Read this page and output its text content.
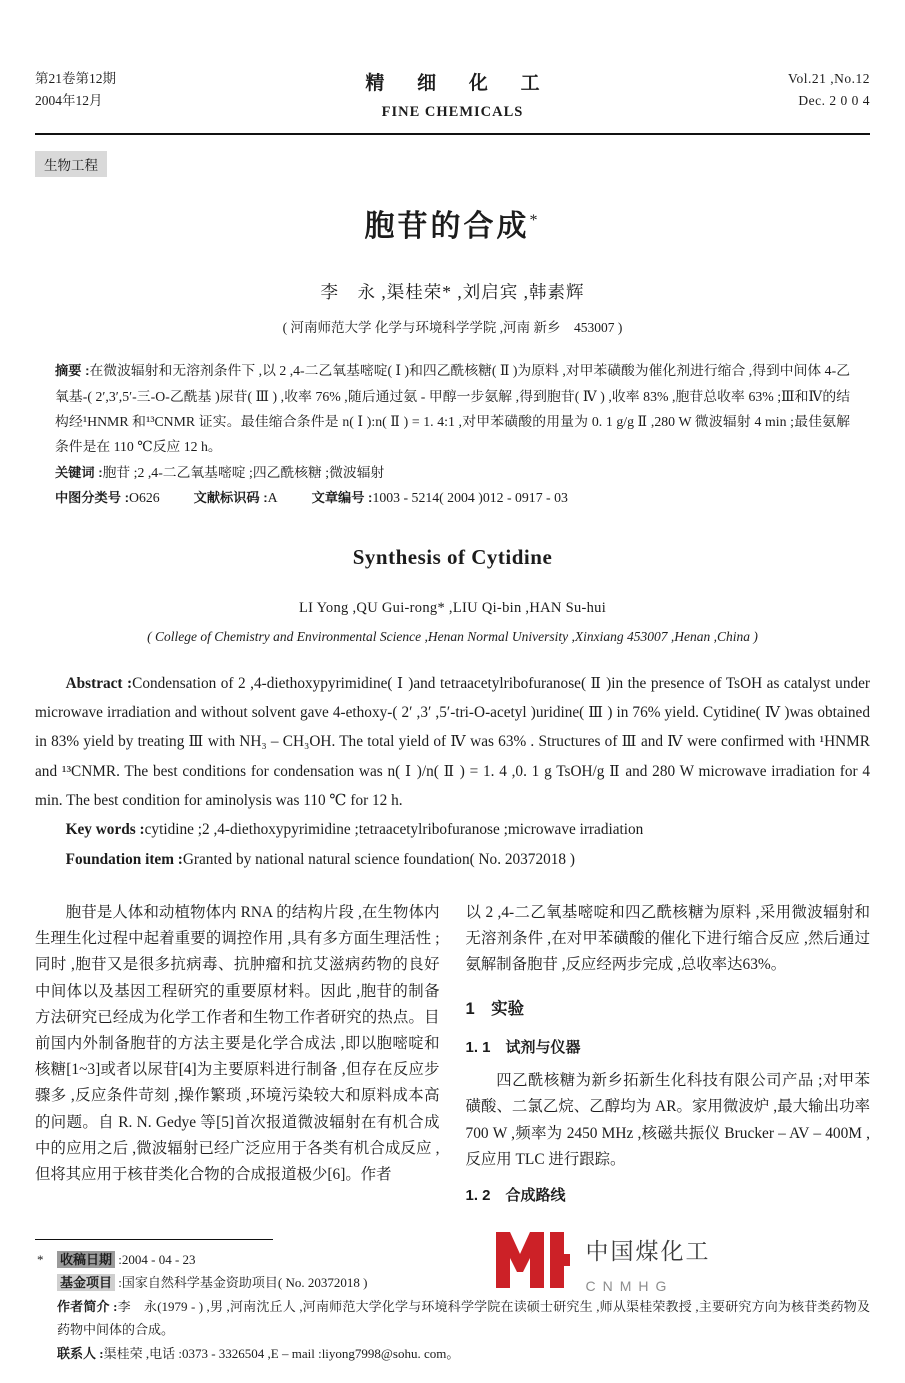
第21卷第12期
2004年12月
精 细 化 工
FINE CHEMICALS
Vol.21 ,No.12
Dec. 2 0 0 4
生物工程
胞苷的合成*
李　永 ,渠桂荣* ,刘启宾 ,韩素辉
( 河南师范大学 化学与环境科学学院 ,河南 新乡　453007 )

摘要 :在微波辐射和无溶剂条件下 ,以 2 ,4-二乙氧基嘧啶( Ⅰ )和四乙酰核糖( Ⅱ )为原料 ,对甲苯磺酸为催化剂进行缩合 ,得到中间体 4-乙氧基-( 2′,3′,5′-三-O-乙酰基 )尿苷( Ⅲ ) ,收率 76% ,随后通过氨 - 甲醇一步氨解 ,得到胞苷( Ⅳ ) ,收率 83% ,胞苷总收率 63% ;Ⅲ和Ⅳ的结构经¹HNMR 和¹³CNMR 证实。最佳缩合条件是 n( Ⅰ ):n( Ⅱ ) = 1. 4:1 ,对甲苯磺酸的用量为 0. 1 g/g Ⅱ ,280 W 微波辐射 4 min ;最佳氨解条件是在 110 ℃反应 12 h。

关键词 :胞苷 ;2 ,4-二乙氧基嘧啶 ;四乙酰核糖 ;微波辐射

中图分类号 :O626	文献标识码 :A	文章编号 :1003 - 5214( 2004 )012 - 0917 - 03

Synthesis of Cytidine
LI Yong ,QU Gui-rong* ,LIU Qi-bin ,HAN Su-hui
( College of Chemistry and Environmental Science ,Henan Normal University ,Xinxiang 453007 ,Henan ,China )

Abstract :Condensation of 2 ,4-diethoxypyrimidine( Ⅰ )and tetraacetylribofuranose( Ⅱ )in the presence of TsOH as catalyst under microwave irradiation and without solvent gave 4-ethoxy-( 2′ ,3′ ,5′-tri-O-acetyl )uridine( Ⅲ ) in 76% yield. Cytidine( Ⅳ )was obtained in 83% yield by treating Ⅲ with NH₃ – CH₃OH. The total yield of Ⅳ was 63% . Structures of Ⅲ and Ⅳ were confirmed with ¹HNMR and ¹³CNMR. The best conditions for condensation was n( Ⅰ )/n( Ⅱ ) = 1. 4 ,0. 1 g TsOH/g Ⅱ and 280 W microwave irradiation for 4 min. The best condition for aminolysis was 110 ℃ for 12 h.

Key words :cytidine ;2 ,4-diethoxypyrimidine ;tetraacetylribofuranose ;microwave irradiation

Foundation item :Granted by national natural science foundation( No. 20372018 )

胞苷是人体和动植物体内 RNA 的结构片段 ,在生物体内生理生化过程中起着重要的调控作用 ,具有多方面生理活性 ;同时 ,胞苷又是很多抗病毒、抗肿瘤和抗艾滋病药物的良好中间体以及基因工程研究的重要原材料。因此 ,胞苷的制备方法研究已经成为化学工作者和生物工作者研究的热点。目前国内外制备胞苷的方法主要是化学合成法 ,即以胞嘧啶和核糖[1~3]或者以尿苷[4]为主要原料进行制备 ,但存在反应步骤多 ,反应条件苛刻 ,操作繁琐 ,环境污染较大和原料成本高的问题。自 R. N. Gedye 等[5]首次报道微波辐射在有机合成中的应用之后 ,微波辐射已经广泛应用于各类有机合成反应 ,但将其应用于核苷类化合物的合成报道极少[6]。作者

以 2 ,4-二乙氧基嘧啶和四乙酰核糖为原料 ,采用微波辐射和无溶剂条件 ,在对甲苯磺酸的催化下进行缩合反应 ,然后通过氨解制备胞苷 ,反应经两步完成 ,总收率达63%。

1　实验
1. 1　试剂与仪器

四乙酰核糖为新乡拓新生化科技有限公司产品 ;对甲苯磺酸、二氯乙烷、乙醇均为 AR。家用微波炉 ,最大输出功率 700 W ,频率为 2450 MHz ,核磁共振仪 Brucker – AV – 400M ,反应用 TLC 进行跟踪。

1. 2　合成路线
中国煤化工
CNMHG
* 收稿日期 :2004 - 04 - 23
基金项目 :国家自然科学基金资助项目( No. 20372018 )
作者简介 :李　永(1979 - ) ,男 ,河南沈丘人 ,河南师范大学化学与环境科学学院在读硕士研究生 ,师从渠桂荣教授 ,主要研究方向为核苷类药物及药物中间体的合成。
联系人 :渠桂荣 ,电话 :0373 - 3326504 ,E – mail :liyong7998@sohu. com。
